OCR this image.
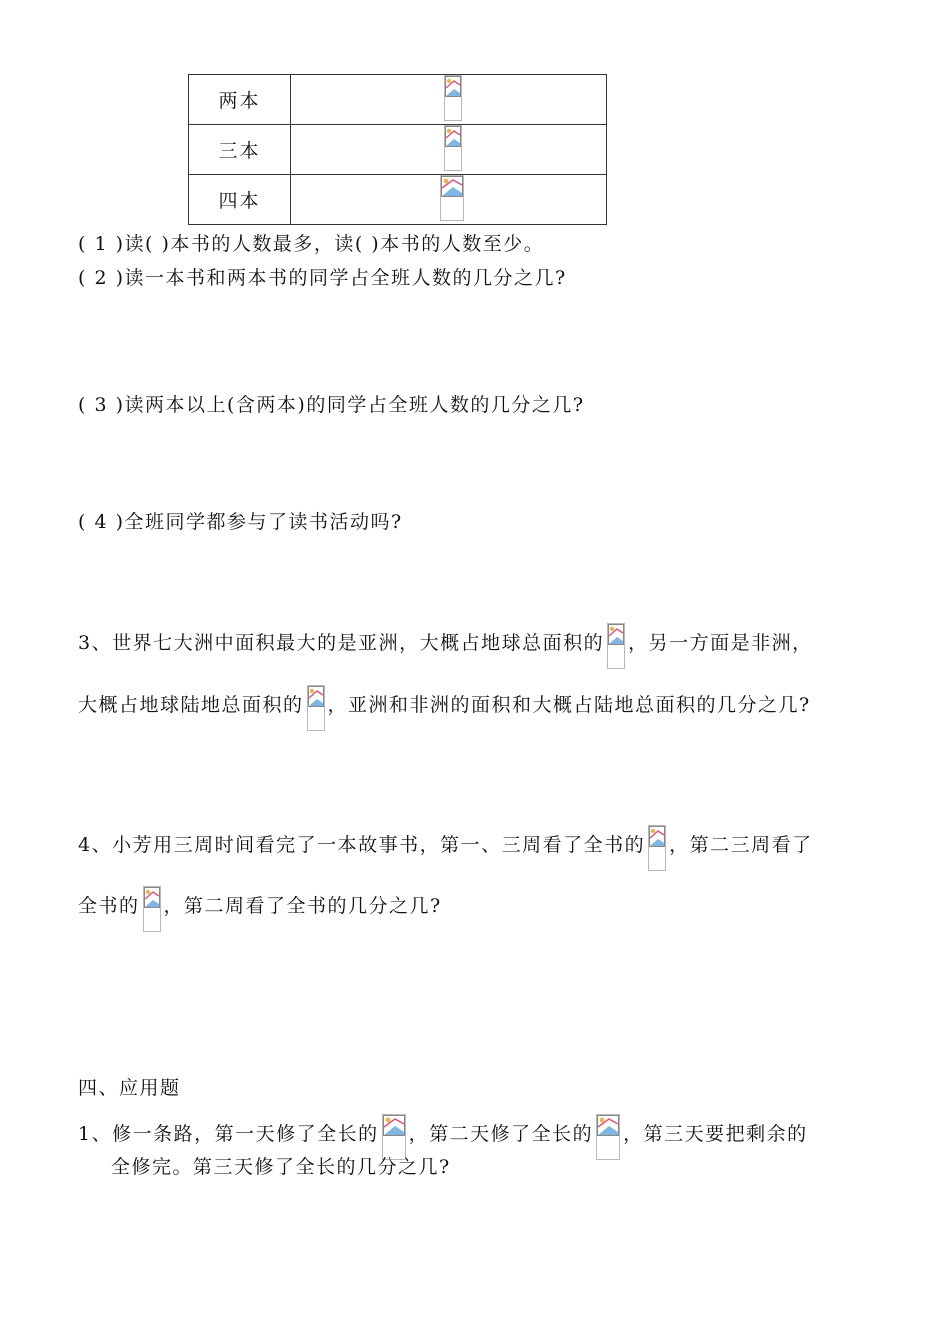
两本	

三本	

四本	
( 1 )读( )本书的人数最多，读( )本书的人数至少。
( 2 )读一本书和两本书的同学占全班人数的几分之几?
( 3 )读两本以上(含两本)的同学占全班人数的几分之几?
( 4 )全班同学都参与了读书活动吗?
3、世界七大洲中面积最大的是亚洲，大概占地球总面积的 ，另一方面是非洲，
大概占地球陆地总面积的 ，亚洲和非洲的面积和大概占陆地总面积的几分之几?
4、小芳用三周时间看完了一本故事书，第一、三周看了全书的 ，第二三周看了
全书的 ，第二周看了全书的几分之几?
四、应用题
1、修一条路，第一天修了全长的 ，第二天修了全长的 ，第三天要把剩余的
全修完。第三天修了全长的几分之几?
